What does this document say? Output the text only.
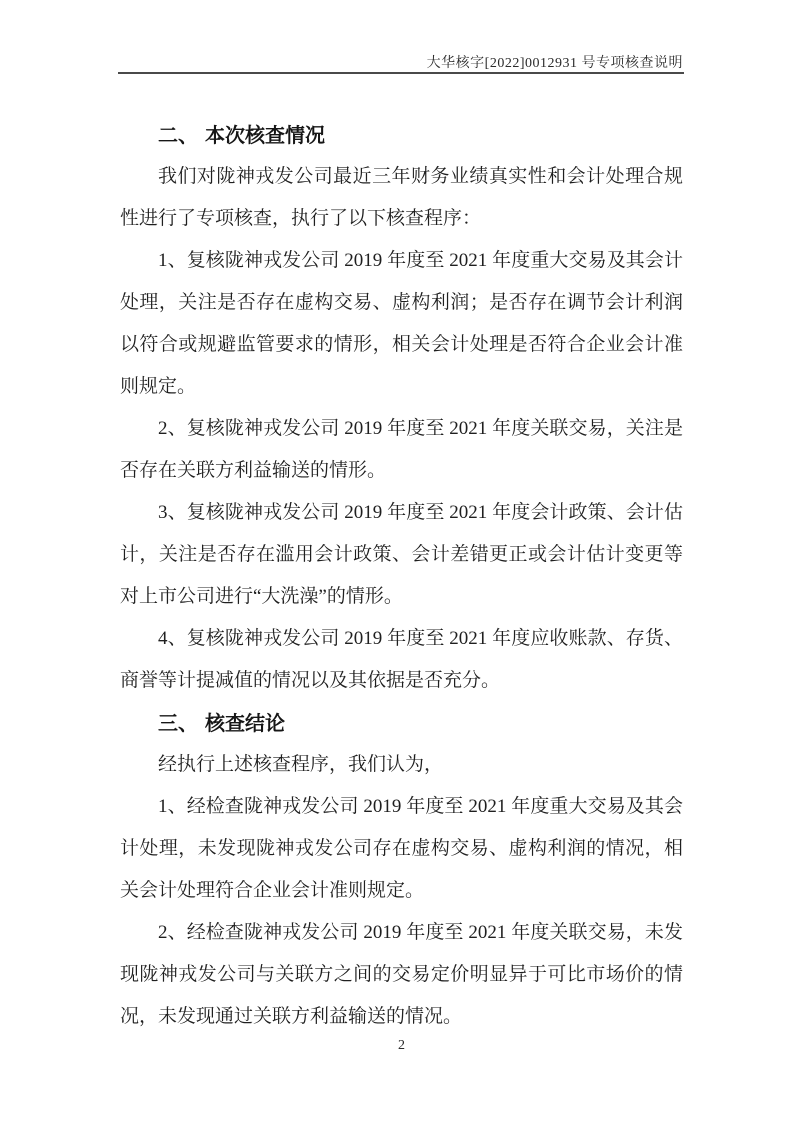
大华核字[2022]0012931 号专项核查说明
二、 本次核查情况
我们对陇神戎发公司最近三年财务业绩真实性和会计处理合规
性进行了专项核查，执行了以下核查程序：
1、复核陇神戎发公司 2019 年度至 2021 年度重大交易及其会计
处理，关注是否存在虚构交易、虚构利润；是否存在调节会计利润
以符合或规避监管要求的情形，相关会计处理是否符合企业会计准
则规定。
2、复核陇神戎发公司 2019 年度至 2021 年度关联交易，关注是
否存在关联方利益输送的情形。
3、复核陇神戎发公司 2019 年度至 2021 年度会计政策、会计估
计，关注是否存在滥用会计政策、会计差错更正或会计估计变更等
对上市公司进行“大洗澡”的情形。
4、复核陇神戎发公司 2019 年度至 2021 年度应收账款、存货、
商誉等计提减值的情况以及其依据是否充分。
三、 核查结论
经执行上述核查程序，我们认为，
1、经检查陇神戎发公司 2019 年度至 2021 年度重大交易及其会
计处理，未发现陇神戎发公司存在虚构交易、虚构利润的情况，相
关会计处理符合企业会计准则规定。
2、经检查陇神戎发公司 2019 年度至 2021 年度关联交易，未发
现陇神戎发公司与关联方之间的交易定价明显异于可比市场价的情
况，未发现通过关联方利益输送的情况。
2
